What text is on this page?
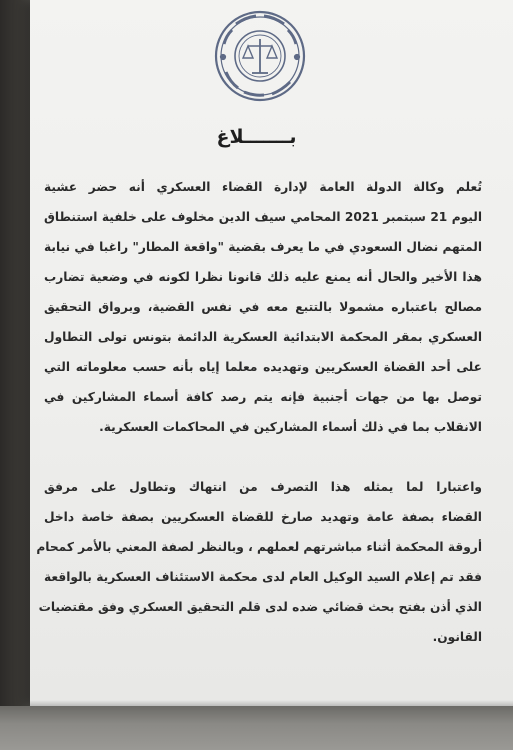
بـــــــلاغ
تُعلم وكالة الدولة العامة لإدارة القضاء العسكري أنه حضر عشية
اليوم 21 سبتمبر 2021 المحامي سيف الدين مخلوف على خلفية استنطاق
المتهم نضال السعودي في ما يعرف بقضية "واقعة المطار" راغبا في نيابة
هذا الأخير والحال أنه يمنع عليه ذلك قانونا نظرا لكونه في وضعية تضارب
مصالح باعتباره مشمولا بالتتبع معه في نفس القضية، وبرواق التحقيق
العسكري بمقر المحكمة الابتدائية العسكرية الدائمة بتونس تولى التطاول
على أحد القضاة العسكريين وتهديده معلما إياه بأنه حسب معلوماته التي
توصل بها من جهات أجنبية فإنه يتم رصد كافة أسماء المشاركين في
الانقلاب بما في ذلك أسماء المشاركين في المحاكمات العسكرية.
واعتبارا لما يمثله هذا التصرف من انتهاك وتطاول على مرفق
القضاء بصفة عامة وتهديد صارخ للقضاة العسكريين بصفة خاصة داخل
أروقة المحكمة أثناء مباشرتهم لعملهم ، وبالنظر لصفة المعني بالأمر كمحام
فقد تم إعلام السيد الوكيل العام لدى محكمة الاستئناف العسكرية بالواقعة
الذي أذن بفتح بحث قضائي ضده لدى قلم التحقيق العسكري وفق مقتضيات
القانون.
